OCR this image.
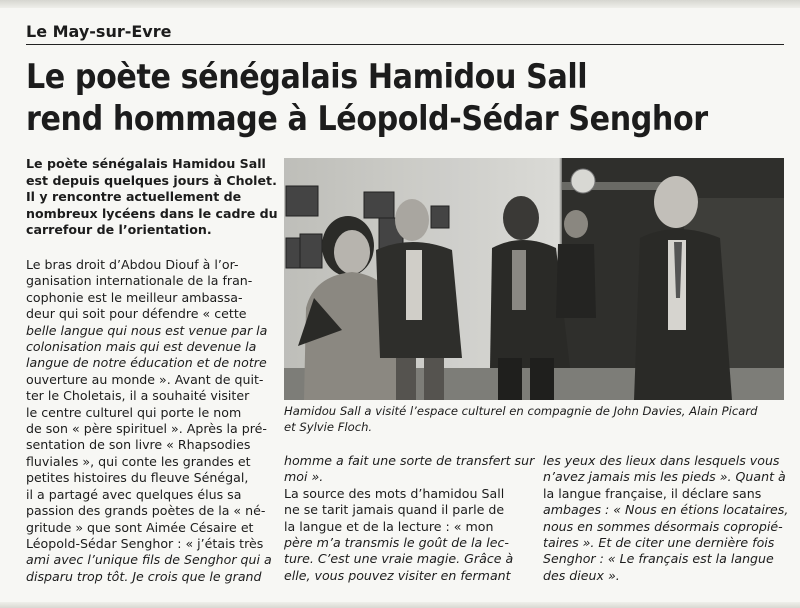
Le May-sur-Evre
Le poète sénégalais Hamidou Sall
rend hommage à Léopold-Sédar Senghor

Le poète sénégalais Hamidou Sall
est depuis quelques jours à Cholet.
Il y rencontre actuellement de
nombreux lycéens dans le cadre du
carrefour de l’orientation.

Le bras droit d’Abdou Diouf à l’or-
ganisation internationale de la fran-
cophonie est le meilleur ambassa-
deur qui soit pour défendre « cette
belle langue qui nous est venue par la
colonisation mais qui est devenue la
langue de notre éducation et de notre
ouverture au monde ». Avant de quit-
ter le Choletais, il a souhaité visiter
le centre culturel qui porte le nom
de son « père spirituel ». Après la pré-
sentation de son livre « Rhapsodies
fluviales », qui conte les grandes et
petites histoires du fleuve Sénégal,
il a partagé avec quelques élus sa
passion des grands poètes de la « né-
gritude » que sont Aimée Césaire et
Léopold-Sédar Senghor : « j’étais très
ami avec l’unique fils de Senghor qui a
disparu trop tôt. Je crois que le grand

Hamidou Sall a visité l’espace culturel en compagnie de John Davies, Alain Picard
et Sylvie Floch.

homme a fait une sorte de transfert sur
moi ».
La source des mots d’hamidou Sall
ne se tarit jamais quand il parle de
la langue et de la lecture : « mon
père m’a transmis le goût de la lec-
ture. C’est une vraie magie. Grâce à
elle, vous pouvez visiter en fermant

les yeux des lieux dans lesquels vous
n’avez jamais mis les pieds ». Quant à
la langue française, il déclare sans
ambages : « Nous en étions locataires,
nous en sommes désormais copropié-
taires ». Et de citer une dernière fois
Senghor : « Le français est la langue
des dieux ».
